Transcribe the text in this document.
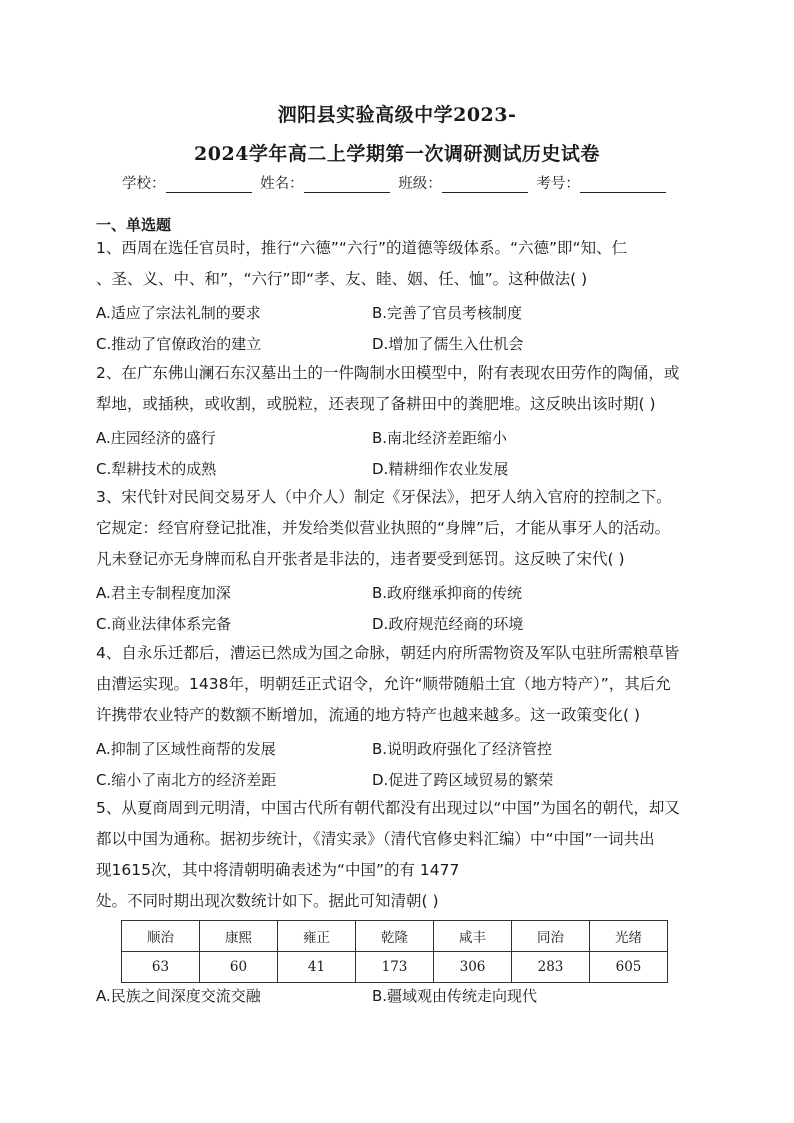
泗阳县实验高级中学2023-
2024学年高二上学期第一次调研测试历史试卷
学校：	姓名：	班级：	考号：
一、单选题
1、西周在选任官员时，推行“六德”“六行”的道德等级体系。“六德”即“知、仁
、圣、义、中、和”，“六行”即“孝、友、睦、姻、任、恤”。这种做法( )
A.适应了宗法礼制的要求	B.完善了官员考核制度
C.推动了官僚政治的建立	D.增加了儒生入仕机会
2、在广东佛山澜石东汉墓出土的一件陶制水田模型中，附有表现农田劳作的陶俑，或
犁地，或插秧，或收割，或脱粒，还表现了备耕田中的粪肥堆。这反映出该时期( )
A.庄园经济的盛行	B.南北经济差距缩小
C.犁耕技术的成熟	D.精耕细作农业发展
3、宋代针对民间交易牙人（中介人）制定《牙保法》，把牙人纳入官府的控制之下。
它规定：经官府登记批准，并发给类似营业执照的“身牌”后，才能从事牙人的活动。
凡未登记亦无身牌而私自开张者是非法的，违者要受到惩罚。这反映了宋代( )
A.君主专制程度加深	B.政府继承抑商的传统
C.商业法律体系完备	D.政府规范经商的环境
4、自永乐迁都后，漕运已然成为国之命脉，朝廷内府所需物资及军队屯驻所需粮草皆
由漕运实现。1438年，明朝廷正式诏令，允许“顺带随船土宜（地方特产）”，其后允
许携带农业特产的数额不断增加，流通的地方特产也越来越多。这一政策变化( )
A.抑制了区域性商帮的发展	B.说明政府强化了经济管控
C.缩小了南北方的经济差距	D.促进了跨区域贸易的繁荣
5、从夏商周到元明清，中国古代所有朝代都没有出现过以“中国”为国名的朝代，却又
都以中国为通称。据初步统计，《清实录》（清代官修史料汇编）中“中国”一词共出
现1615次，其中将清朝明确表述为“中国”的有 1477
处。不同时期出现次数统计如下。据此可知清朝( )
顺治	康熙	雍正	乾隆	咸丰	同治	光绪
63	60	41	173	306	283	605
A.民族之间深度交流交融	B.疆域观由传统走向现代
